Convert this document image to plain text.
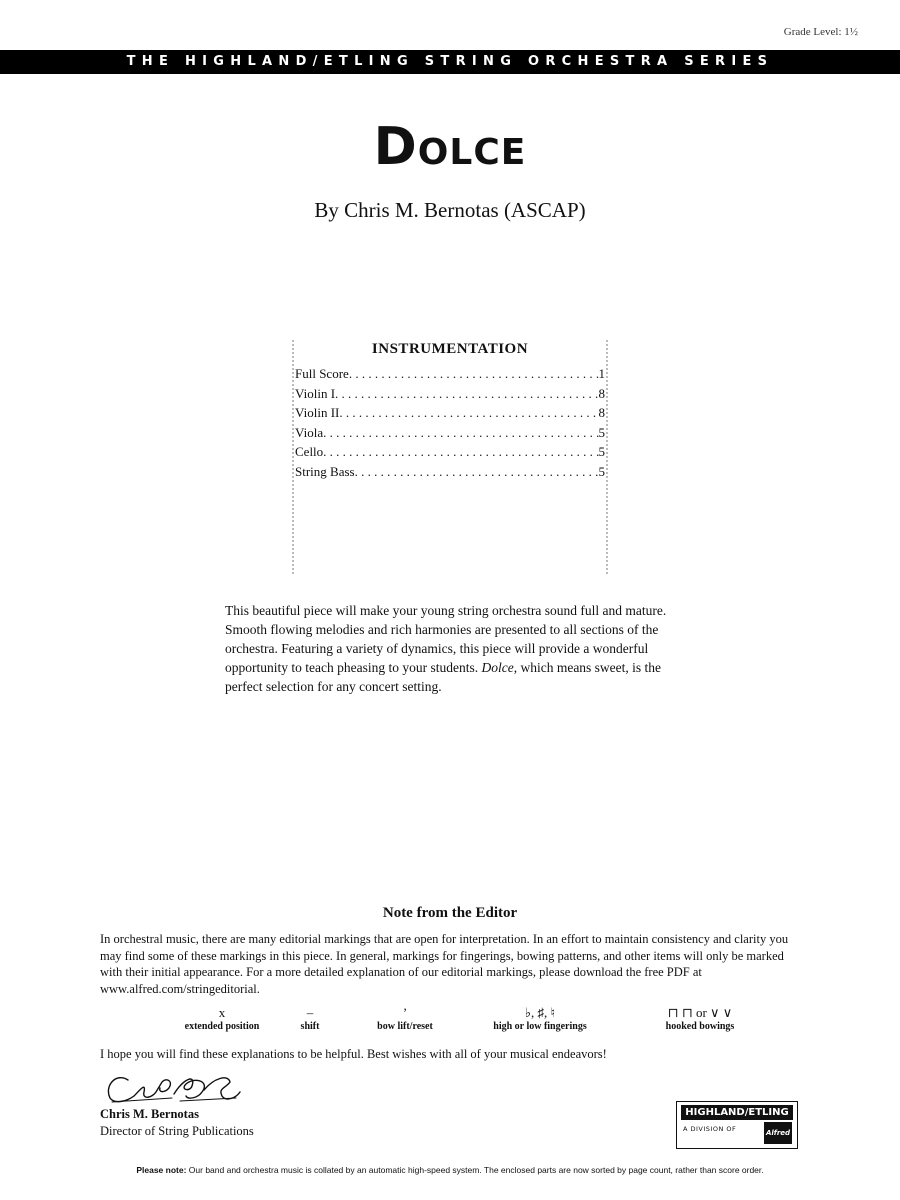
Grade Level: 1½
THE HIGHLAND/ETLING STRING ORCHESTRA SERIES
Dolce
By Chris M. Bernotas (ASCAP)
INSTRUMENTATION
Full Score . . .	1
Violin I . . .	8
Violin II . . .	8
Viola . . .	5
Cello . . .	5
String Bass . . .	5
This beautiful piece will make your young string orchestra sound full and mature. Smooth flowing melodies and rich harmonies are presented to all sections of the orchestra. Featuring a variety of dynamics, this piece will provide a wonderful opportunity to teach pheasing to your students. Dolce, which means sweet, is the perfect selection for any concert setting.
Note from the Editor
In orchestral music, there are many editorial markings that are open for interpretation. In an effort to maintain consistency and clarity you may find some of these markings in this piece. In general, markings for fingerings, bowing patterns, and other items will only be marked with their initial appearance. For a more detailed explanation of our editorial markings, please download the free PDF at www.alfred.com/stringeditorial.
x
extended position
–
shift
’
bow lift/reset
♭, ♯, ♮
high or low fingerings
⊓ ⊓ or ∨ ∨
hooked bowings
I hope you will find these explanations to be helpful. Best wishes with all of your musical endeavors!
Chris M. Bernotas
Director of String Publications
HIGHLAND/ETLING
A DIVISION OF	Alfred
Please note: Our band and orchestra music is collated by an automatic high-speed system. The enclosed parts are now sorted by page count, rather than score order.
